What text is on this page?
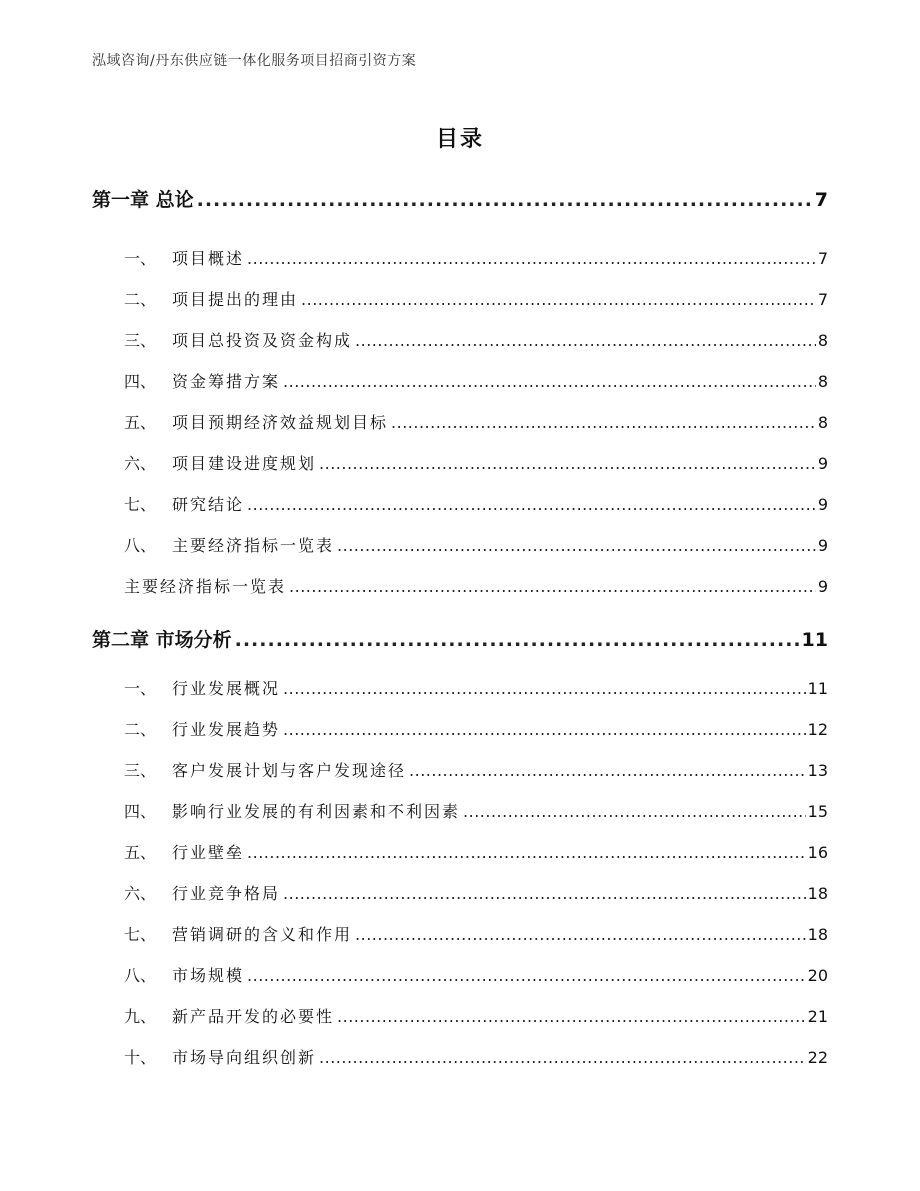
泓域咨询/丹东供应链一体化服务项目招商引资方案
目录
第一章 总论 .....	7
一、 项目概述 .....	7
二、 项目提出的理由 .....	7
三、 项目总投资及资金构成 .....	8
四、 资金筹措方案 .....	8
五、 项目预期经济效益规划目标 .....	8
六、 项目建设进度规划 .....	9
七、 研究结论 .....	9
八、 主要经济指标一览表 .....	9
主要经济指标一览表 .....	9
第二章 市场分析 .....	11
一、 行业发展概况 .....	11
二、 行业发展趋势 .....	12
三、 客户发展计划与客户发现途径 .....	13
四、 影响行业发展的有利因素和不利因素 .....	15
五、 行业壁垒 .....	16
六、 行业竞争格局 .....	18
七、 营销调研的含义和作用 .....	18
八、 市场规模 .....	20
九、 新产品开发的必要性 .....	21
十、 市场导向组织创新 .....	22
